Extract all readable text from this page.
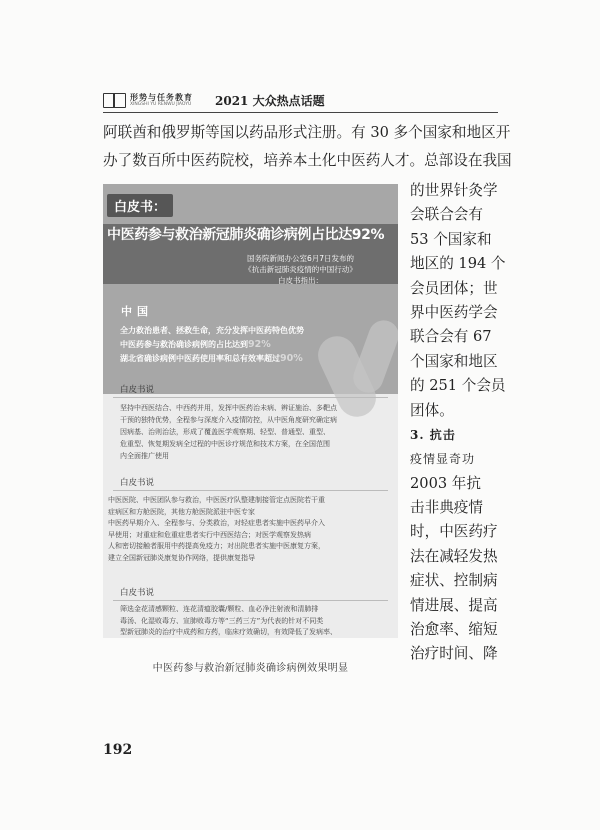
形势与任务教育
XINGSHI YU RENWU JIAOYU 2021 大众热点话题
阿联酋和俄罗斯等国以药品形式注册。有 30 多个国家和地区开
办了数百所中医药院校，培养本土化中医药人才。总部设在我国
白皮书：
中医药参与救治新冠肺炎确诊病例占比达92%
国务院新闻办公室6月7日发布的
《抗击新冠肺炎疫情的中国行动》
白皮书指出：
中国
全力救治患者、拯救生命，充分发挥中医药特色优势
中医药参与救治确诊病例的占比达到92%
湖北省确诊病例中医药使用率和总有效率超过90%
白皮书说
坚持中西医结合、中西药并用，发挥中医药治未病、辨证施治、多靶点
干预的独特优势，全程参与深度介入疫情防控，从中医角度研究确定病
因病基、治则治法，形成了覆盖医学观察期、轻型、普通型、重型、
危重型、恢复期发病全过程的中医诊疗规范和技术方案，在全国范围
内全面推广使用
白皮书说
中医医院、中医团队参与救治，中医医疗队整建制接管定点医院若干重
症病区和方舱医院，其他方舱医院派驻中医专家
中医药早期介入、全程参与、分类救治，对轻症患者实施中医药早介入
早使用；对重症和危重症患者实行中西医结合；对医学观察发热病
人和密切接触者服用中药提高免疫力；对出院患者实施中医康复方案，
建立全国新冠肺炎康复协作网络，提供康复指导
白皮书说
筛选金花清感颗粒、连花清瘟胶囊/颗粒、血必净注射液和清肺排
毒汤、化湿败毒方、宣肺败毒方等“三药三方”为代表的针对不同类
型新冠肺炎的治疗中成药和方药，临床疗效确切，有效降低了发病率、
的世界针灸学
会联合会有
53 个国家和
地区的 194 个
会员团体；世
界中医药学会
联合会有 67
个国家和地区
的 251 个会员
团体。
3. 抗击
疫情显奇功
2003 年抗
击非典疫情
时，中医药疗
法在减轻发热
症状、控制病
情进展、提高
治愈率、缩短
治疗时间、降
中医药参与救治新冠肺炎确诊病例效果明显
192
